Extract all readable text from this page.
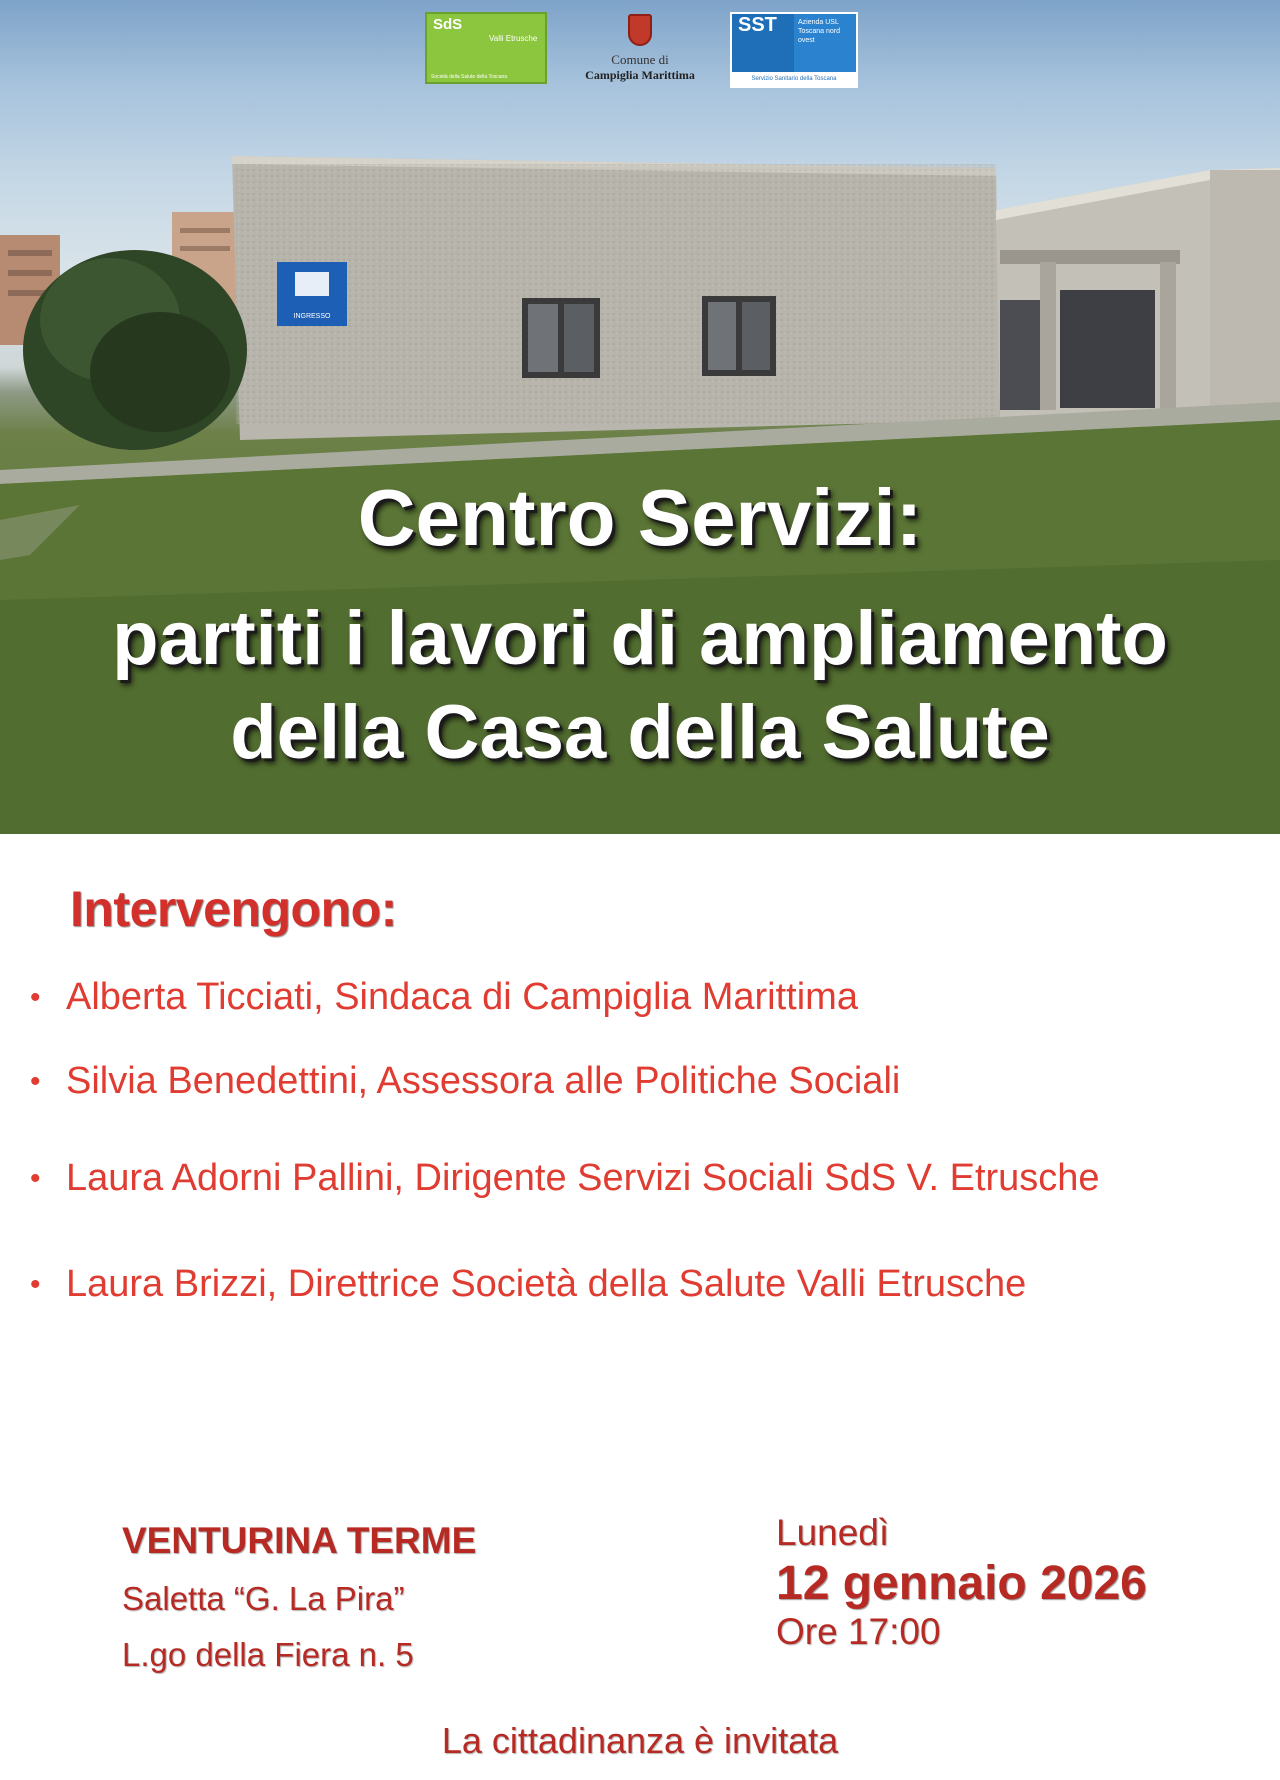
INGRESSO
SdS
Valli Etrusche
Società della Salute della Toscana
Comune di
Campiglia Marittima
SST	Azienda USL Toscana nord ovest
Servizio Sanitario della Toscana
Centro Servizi:
partiti i lavori di ampliamento
della Casa della Salute
Intervengono:
• Alberta Ticciati, Sindaca di Campiglia Marittima
• Silvia Benedettini, Assessora alle Politiche Sociali
• Laura Adorni Pallini, Dirigente Servizi Sociali SdS V. Etrusche
• Laura Brizzi, Direttrice Società della Salute Valli Etrusche
VENTURINA TERME
Saletta “G. La Pira”
L.go della Fiera n. 5
Lunedì
12 gennaio 2026
Ore 17:00
La cittadinanza è invitata
